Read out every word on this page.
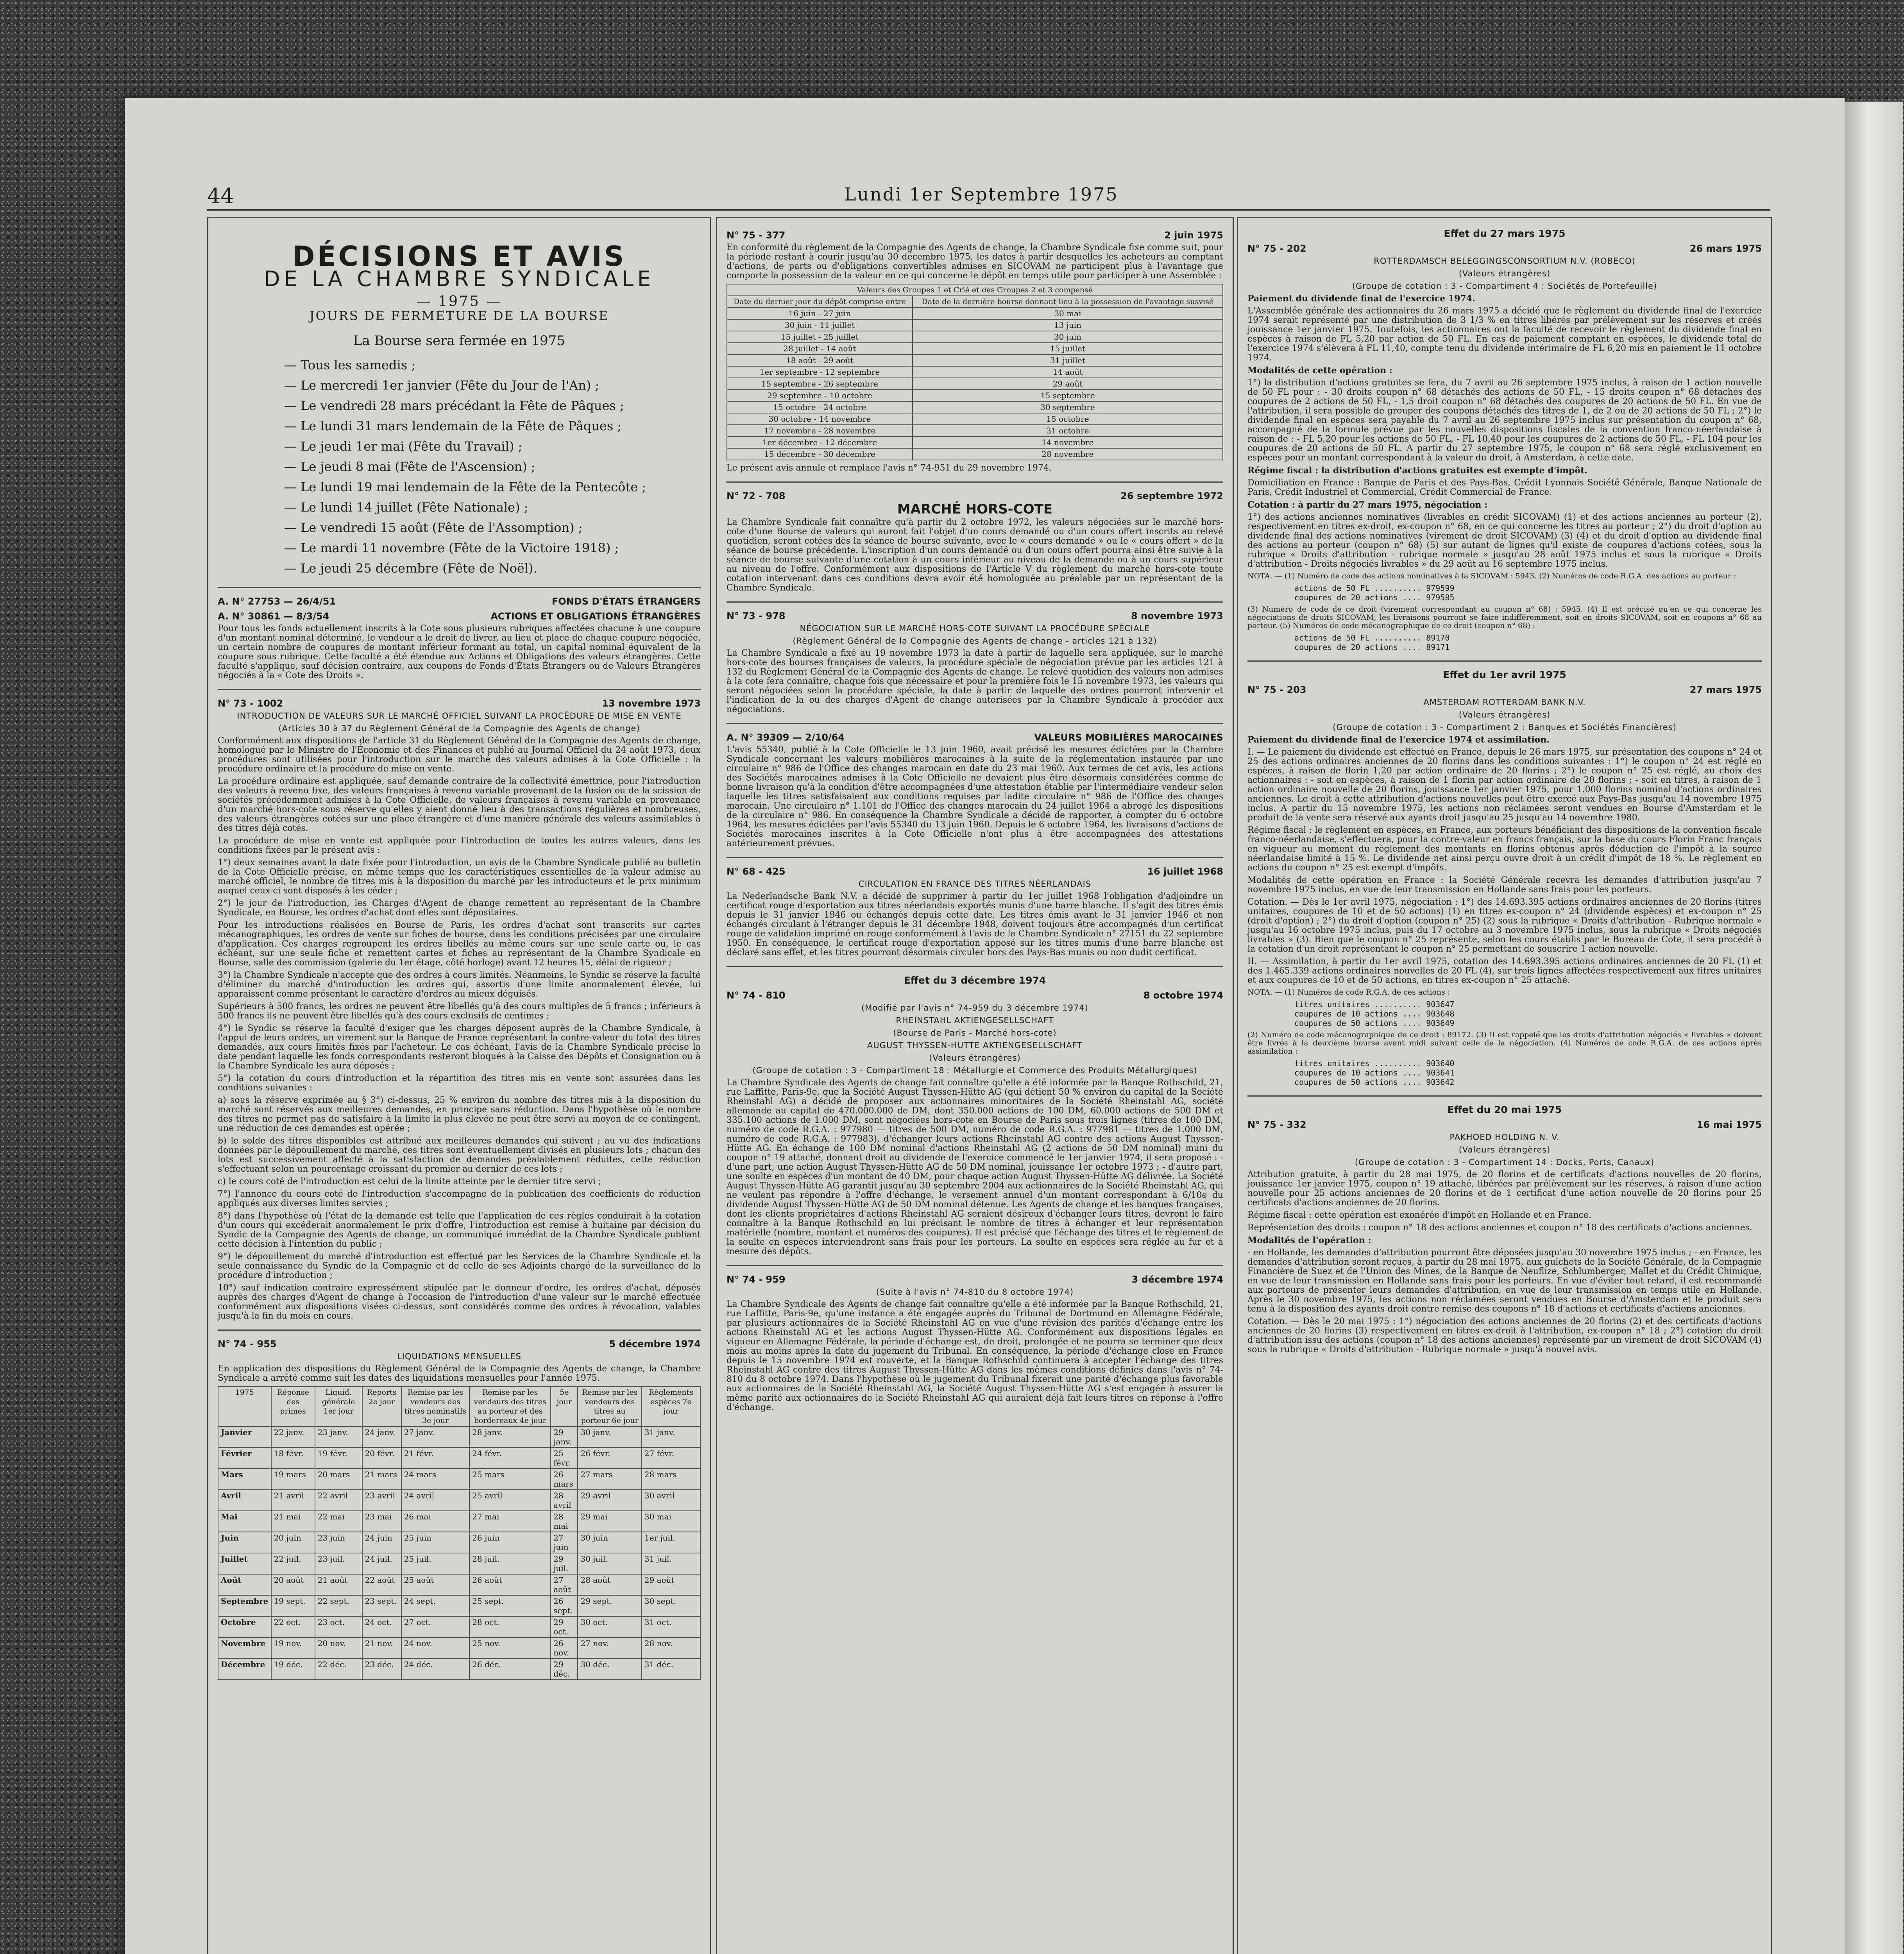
44	Lundi 1er Septembre 1975
DÉCISIONS ET AVIS
DE LA CHAMBRE SYNDICALE
— 1975 —
JOURS DE FERMETURE DE LA BOURSE
La Bourse sera fermée en 1975
— Tous les samedis ;
— Le mercredi 1er janvier (Fête du Jour de l'An) ;
— Le vendredi 28 mars précédant la Fête de Pâques ;
— Le lundi 31 mars lendemain de la Fête de Pâques ;
— Le jeudi 1er mai (Fête du Travail) ;
— Le jeudi 8 mai (Fête de l'Ascension) ;
— Le lundi 19 mai lendemain de la Fête de la Pentecôte ;
— Le lundi 14 juillet (Fête Nationale) ;
— Le vendredi 15 août (Fête de l'Assomption) ;
— Le mardi 11 novembre (Fête de la Victoire 1918) ;
— Le jeudi 25 décembre (Fête de Noël).
A. N° 27753 — 26/4/51	FONDS D'ÉTATS ÉTRANGERS
A. N° 30861 — 8/3/54	ACTIONS ET OBLIGATIONS ÉTRANGÈRES
Pour tous les fonds actuellement inscrits à la Cote sous plusieurs rubriques affectées chacune à une coupure d'un montant nominal déterminé, le vendeur a le droit de livrer, au lieu et place de chaque coupure négociée, un certain nombre de coupures de montant inférieur formant au total, un capital nominal équivalent de la coupure sous rubrique. Cette faculté a été étendue aux Actions et Obligations des valeurs étrangères. Cette faculté s'applique, sauf décision contraire, aux coupons de Fonds d'États Étrangers ou de Valeurs Étrangères négociés à la « Cote des Droits ».
N° 73 - 1002	13 novembre 1973
INTRODUCTION DE VALEURS SUR LE MARCHÉ OFFICIEL SUIVANT LA PROCÉDURE DE MISE EN VENTE
(Articles 30 à 37 du Règlement Général de la Compagnie des Agents de change)
Conformément aux dispositions de l'article 31 du Règlement Général de la Compagnie des Agents de change, homologué par le Ministre de l'Économie et des Finances et publié au Journal Officiel du 24 août 1973, deux procédures sont utilisées pour l'introduction sur le marché des valeurs admises à la Cote Officielle : la procédure ordinaire et la procédure de mise en vente.
La procédure ordinaire est appliquée, sauf demande contraire de la collectivité émettrice, pour l'introduction des valeurs à revenu fixe, des valeurs françaises à revenu variable provenant de la fusion ou de la scission de sociétés précédemment admises à la Cote Officielle, de valeurs françaises à revenu variable en provenance d'un marché hors-cote sous réserve qu'elles y aient donné lieu à des transactions régulières et nombreuses, des valeurs étrangères cotées sur une place étrangère et d'une manière générale des valeurs assimilables à des titres déjà cotés.
La procédure de mise en vente est appliquée pour l'introduction de toutes les autres valeurs, dans les conditions fixées par le présent avis :
1°) deux semaines avant la date fixée pour l'introduction, un avis de la Chambre Syndicale publié au bulletin de la Cote Officielle précise, en même temps que les caractéristiques essentielles de la valeur admise au marché officiel, le nombre de titres mis à la disposition du marché par les introducteurs et le prix minimum auquel ceux-ci sont disposés à les céder ;
2°) le jour de l'introduction, les Charges d'Agent de change remettent au représentant de la Chambre Syndicale, en Bourse, les ordres d'achat dont elles sont dépositaires.
Pour les introductions réalisées en Bourse de Paris, les ordres d'achat sont transcrits sur cartes mécanographiques, les ordres de vente sur fiches de bourse, dans les conditions précisées par une circulaire d'application. Ces charges regroupent les ordres libellés au même cours sur une seule carte ou, le cas échéant, sur une seule fiche et remettent cartes et fiches au représentant de la Chambre Syndicale en Bourse, salle des commission (galerie du 1er étage, côté horloge) avant 12 heures 15, délai de rigueur ;
3°) la Chambre Syndicale n'accepte que des ordres à cours limités. Néanmoins, le Syndic se réserve la faculté d'éliminer du marché d'introduction les ordres qui, assortis d'une limite anormalement élevée, lui apparaissent comme présentant le caractère d'ordres au mieux déguisés.
Supérieurs à 500 francs, les ordres ne peuvent être libellés qu'à des cours multiples de 5 francs ; inférieurs à 500 francs ils ne peuvent être libellés qu'à des cours exclusifs de centimes ;
4°) le Syndic se réserve la faculté d'exiger que les charges déposent auprès de la Chambre Syndicale, à l'appui de leurs ordres, un virement sur la Banque de France représentant la contre-valeur du total des titres demandés, aux cours limités fixés par l'acheteur. Le cas échéant, l'avis de la Chambre Syndicale précise la date pendant laquelle les fonds correspondants resteront bloqués à la Caisse des Dépôts et Consignation ou à la Chambre Syndicale les aura déposés ;
5°) la cotation du cours d'introduction et la répartition des titres mis en vente sont assurées dans les conditions suivantes :
a) sous la réserve exprimée au § 3°) ci-dessus, 25 % environ du nombre des titres mis à la disposition du marché sont réservés aux meilleures demandes, en principe sans réduction. Dans l'hypothèse où le nombre des titres ne permet pas de satisfaire à la limite la plus élevée ne peut être servi au moyen de ce contingent, une réduction de ces demandes est opérée ;
b) le solde des titres disponibles est attribué aux meilleures demandes qui suivent ; au vu des indications données par le dépouillement du marché, ces titres sont éventuellement divisés en plusieurs lots ; chacun des lots est successivement affecté à la satisfaction de demandes préalablement réduites, cette réduction s'effectuant selon un pourcentage croissant du premier au dernier de ces lots ;
c) le cours coté de l'introduction est celui de la limite atteinte par le dernier titre servi ;
7°) l'annonce du cours coté de l'introduction s'accompagne de la publication des coefficients de réduction appliqués aux diverses limites servies ;
8°) dans l'hypothèse où l'état de la demande est telle que l'application de ces règles conduirait à la cotation d'un cours qui excéderait anormalement le prix d'offre, l'introduction est remise à huitaine par décision du Syndic de la Compagnie des Agents de change, un communiqué immédiat de la Chambre Syndicale publiant cette décision à l'intention du public ;
9°) le dépouillement du marché d'introduction est effectué par les Services de la Chambre Syndicale et la seule connaissance du Syndic de la Compagnie et de celle de ses Adjoints chargé de la surveillance de la procédure d'introduction ;
10°) sauf indication contraire expressément stipulée par le donneur d'ordre, les ordres d'achat, déposés auprès des charges d'Agent de change à l'occasion de l'introduction d'une valeur sur le marché effectuée conformément aux dispositions visées ci-dessus, sont considérés comme des ordres à révocation, valables jusqu'à la fin du mois en cours.
N° 74 - 955	5 décembre 1974
LIQUIDATIONS MENSUELLES
En application des dispositions du Règlement Général de la Compagnie des Agents de change, la Chambre Syndicale a arrêté comme suit les dates des liquidations mensuelles pour l'année 1975.
1975	Réponse des primes	Liquid. générale 1er jour	Reports 2e jour	Remise par les vendeurs des titres nominatifs 3e jour	Remise par les vendeurs des titres au porteur et des bordereaux 4e jour	5e jour	Remise par les vendeurs des titres au porteur 6e jour	Règlements espèces 7e jour
Janvier	22 janv.	23 janv.	24 janv.	27 janv.	28 janv.	29 janv.	30 janv.	31 janv.
Février	18 févr.	19 févr.	20 févr.	21 févr.	24 févr.	25 févr.	26 févr.	27 févr.
Mars	19 mars	20 mars	21 mars	24 mars	25 mars	26 mars	27 mars	28 mars
Avril	21 avril	22 avril	23 avril	24 avril	25 avril	28 avril	29 avril	30 avril
Mai	21 mai	22 mai	23 mai	26 mai	27 mai	28 mai	29 mai	30 mai
Juin	20 juin	23 juin	24 juin	25 juin	26 juin	27 juin	30 juin	1er juil.
Juillet	22 juil.	23 juil.	24 juil.	25 juil.	28 juil.	29 juil.	30 juil.	31 juil.
Août	20 août	21 août	22 août	25 août	26 août	27 août	28 août	29 août
Septembre	19 sept.	22 sept.	23 sept.	24 sept.	25 sept.	26 sept.	29 sept.	30 sept.
Octobre	22 oct.	23 oct.	24 oct.	27 oct.	28 oct.	29 oct.	30 oct.	31 oct.
Novembre	19 nov.	20 nov.	21 nov.	24 nov.	25 nov.	26 nov.	27 nov.	28 nov.
Décembre	19 déc.	22 déc.	23 déc.	24 déc.	26 déc.	29 déc.	30 déc.	31 déc.
N° 75 - 377	2 juin 1975
En conformité du règlement de la Compagnie des Agents de change, la Chambre Syndicale fixe comme suit, pour la période restant à courir jusqu'au 30 décembre 1975, les dates à partir desquelles les acheteurs au comptant d'actions, de parts ou d'obligations convertibles admises en SICOVAM ne participent plus à l'avantage que comporte la possession de la valeur en ce qui concerne le dépôt en temps utile pour participer à une Assemblée :
Valeurs des Groupes 1 et Crié et des Groupes 2 et 3 compensé	
Date du dernier jour du dépôt comprise entre	Date de la dernière bourse donnant lieu à la possession de l'avantage susvisé
16 juin - 27 juin	30 mai
30 juin - 11 juillet	13 juin
15 juillet - 25 juillet	30 juin
28 juillet - 14 août	15 juillet
18 août - 29 août	31 juillet
1er septembre - 12 septembre	14 août
15 septembre - 26 septembre	29 août
29 septembre - 10 octobre	15 septembre
15 octobre - 24 octobre	30 septembre
30 octobre - 14 novembre	15 octobre
17 novembre - 28 novembre	31 octobre
1er décembre - 12 décembre	14 novembre
15 décembre - 30 décembre	28 novembre
Le présent avis annule et remplace l'avis n° 74-951 du 29 novembre 1974.
N° 72 - 708	26 septembre 1972
MARCHÉ HORS-COTE
La Chambre Syndicale fait connaître qu'à partir du 2 octobre 1972, les valeurs négociées sur le marché hors-cote d'une Bourse de valeurs qui auront fait l'objet d'un cours demandé ou d'un cours offert inscrits au relevé quotidien, seront cotées dès la séance de bourse suivante, avec le « cours demandé » ou le « cours offert » de la séance de bourse précédente. L'inscription d'un cours demandé ou d'un cours offert pourra ainsi être suivie à la séance de bourse suivante d'une cotation à un cours inférieur au niveau de la demande ou à un cours supérieur au niveau de l'offre. Conformément aux dispositions de l'Article V du règlement du marché hors-cote toute cotation intervenant dans ces conditions devra avoir été homologuée au préalable par un représentant de la Chambre Syndicale.
N° 73 - 978	8 novembre 1973
NÉGOCIATION SUR LE MARCHÉ HORS-COTE SUIVANT LA PROCÉDURE SPÉCIALE
(Règlement Général de la Compagnie des Agents de change - articles 121 à 132)
La Chambre Syndicale a fixé au 19 novembre 1973 la date à partir de laquelle sera appliquée, sur le marché hors-cote des bourses françaises de valeurs, la procédure spéciale de négociation prévue par les articles 121 à 132 du Règlement Général de la Compagnie des Agents de change. Le relevé quotidien des valeurs non admises à la cote fera connaître, chaque fois que nécessaire et pour la première fois le 15 novembre 1973, les valeurs qui seront négociées selon la procédure spéciale, la date à partir de laquelle des ordres pourront intervenir et l'indication de la ou des charges d'Agent de change autorisées par la Chambre Syndicale à procéder aux négociations.
A. N° 39309 — 2/10/64	VALEURS MOBILIÈRES MAROCAINES
L'avis 55340, publié à la Cote Officielle le 13 juin 1960, avait précisé les mesures édictées par la Chambre Syndicale concernant les valeurs mobilières marocaines à la suite de la réglementation instaurée par une circulaire n° 986 de l'Office des changes marocain en date du 23 mai 1960. Aux termes de cet avis, les actions des Sociétés marocaines admises à la Cote Officielle ne devaient plus être désormais considérées comme de bonne livraison qu'à la condition d'être accompagnées d'une attestation établie par l'intermédiaire vendeur selon laquelle les titres satisfaisaient aux conditions requises par ladite circulaire n° 986 de l'Office des changes marocain. Une circulaire n° 1.101 de l'Office des changes marocain du 24 juillet 1964 a abrogé les dispositions de la circulaire n° 986. En conséquence la Chambre Syndicale a décidé de rapporter, à compter du 6 octobre 1964, les mesures édictées par l'avis 55340 du 13 juin 1960. Depuis le 6 octobre 1964, les livraisons d'actions de Sociétés marocaines inscrites à la Cote Officielle n'ont plus à être accompagnées des attestations antérieurement prévues.
N° 68 - 425	16 juillet 1968
CIRCULATION EN FRANCE DES TITRES NÉERLANDAIS
La Nederlandsche Bank N.V. a décidé de supprimer à partir du 1er juillet 1968 l'obligation d'adjoindre un certificat rouge d'exportation aux titres néerlandais exportés munis d'une barre blanche. Il s'agit des titres émis depuis le 31 janvier 1946 ou échangés depuis cette date. Les titres émis avant le 31 janvier 1946 et non échangés circulant à l'étranger depuis le 31 décembre 1948, doivent toujours être accompagnés d'un certificat rouge de validation imprimé en rouge conformément à l'avis de la Chambre Syndicale n° 27151 du 22 septembre 1950. En conséquence, le certificat rouge d'exportation apposé sur les titres munis d'une barre blanche est déclaré sans effet, et les titres pourront désormais circuler hors des Pays-Bas munis ou non dudit certificat.
Effet du 3 décembre 1974
N° 74 - 810	8 octobre 1974
(Modifié par l'avis n° 74-959 du 3 décembre 1974)
RHEINSTAHL AKTIENGESELLSCHAFT
(Bourse de Paris - Marché hors-cote)
AUGUST THYSSEN-HUTTE AKTIENGESELLSCHAFT
(Valeurs étrangères)
(Groupe de cotation : 3 - Compartiment 18 : Métallurgie et Commerce des Produits Métallurgiques)
La Chambre Syndicale des Agents de change fait connaître qu'elle a été informée par la Banque Rothschild, 21, rue Laffitte, Paris-9e, que la Société August Thyssen-Hütte AG (qui détient 50 % environ du capital de la Société Rheinstahl AG) a décidé de proposer aux actionnaires minoritaires de la Société Rheinstahl AG, société allemande au capital de 470.000.000 de DM, dont 350.000 actions de 100 DM, 60.000 actions de 500 DM et 335.100 actions de 1.000 DM, sont négociées hors-cote en Bourse de Paris sous trois lignes (titres de 100 DM, numéro de code R.G.A. : 977980 — titres de 500 DM, numéro de code R.G.A. : 977981 — titres de 1.000 DM, numéro de code R.G.A. : 977983), d'échanger leurs actions Rheinstahl AG contre des actions August Thyssen-Hütte AG. En échange de 100 DM nominal d'actions Rheinstahl AG (2 actions de 50 DM nominal) muni du coupon n° 19 attaché, donnant droit au dividende de l'exercice commencé le 1er janvier 1974, il sera proposé : - d'une part, une action August Thyssen-Hütte AG de 50 DM nominal, jouissance 1er octobre 1973 ; - d'autre part, une soulte en espèces d'un montant de 40 DM, pour chaque action August Thyssen-Hütte AG délivrée. La Société August Thyssen-Hütte AG garantit jusqu'au 30 septembre 2004 aux actionnaires de la Société Rheinstahl AG, qui ne veulent pas répondre à l'offre d'échange, le versement annuel d'un montant correspondant à 6/10e du dividende August Thyssen-Hütte AG de 50 DM nominal détenue. Les Agents de change et les banques françaises, dont les clients propriétaires d'actions Rheinstahl AG seraient désireux d'échanger leurs titres, devront le faire connaître à la Banque Rothschild en lui précisant le nombre de titres à échanger et leur représentation matérielle (nombre, montant et numéros des coupures). Il est précisé que l'échange des titres et le règlement de la soulte en espèces interviendront sans frais pour les porteurs. La soulte en espèces sera réglée au fur et à mesure des dépôts.
N° 74 - 959	3 décembre 1974
(Suite à l'avis n° 74-810 du 8 octobre 1974)
La Chambre Syndicale des Agents de change fait connaître qu'elle a été informée par la Banque Rothschild, 21, rue Laffitte, Paris-9e, qu'une instance a été engagée auprès du Tribunal de Dortmund en Allemagne Fédérale, par plusieurs actionnaires de la Société Rheinstahl AG en vue d'une révision des parités d'échange entre les actions Rheinstahl AG et les actions August Thyssen-Hütte AG. Conformément aux dispositions légales en vigueur en Allemagne Fédérale, la période d'échange est, de droit, prolongée et ne pourra se terminer que deux mois au moins après la date du jugement du Tribunal. En conséquence, la période d'échange close en France depuis le 15 novembre 1974 est rouverte, et la Banque Rothschild continuera à accepter l'échange des titres Rheinstahl AG contre des titres August Thyssen-Hütte AG dans les mêmes conditions définies dans l'avis n° 74-810 du 8 octobre 1974. Dans l'hypothèse où le jugement du Tribunal fixerait une parité d'échange plus favorable aux actionnaires de la Société Rheinstahl AG, la Société August Thyssen-Hütte AG s'est engagée à assurer la même parité aux actionnaires de la Société Rheinstahl AG qui auraient déjà fait leurs titres en réponse à l'offre d'échange.
Effet du 27 mars 1975
N° 75 - 202	26 mars 1975
ROTTERDAMSCH BELEGGINGSCONSORTIUM N.V. (ROBECO)
(Valeurs étrangères)
(Groupe de cotation : 3 - Compartiment 4 : Sociétés de Portefeuille)
Paiement du dividende final de l'exercice 1974.
L'Assemblée générale des actionnaires du 26 mars 1975 a décidé que le règlement du dividende final de l'exercice 1974 serait représenté par une distribution de 3 1/3 % en titres libérés par prélèvement sur les réserves et créés jouissance 1er janvier 1975. Toutefois, les actionnaires ont la faculté de recevoir le règlement du dividende final en espèces à raison de FL 5,20 par action de 50 FL. En cas de paiement comptant en espèces, le dividende total de l'exercice 1974 s'élèvera à FL 11,40, compte tenu du dividende intérimaire de FL 6,20 mis en paiement le 11 octobre 1974.
Modalités de cette opération :
1°) la distribution d'actions gratuites se fera, du 7 avril au 26 septembre 1975 inclus, à raison de 1 action nouvelle de 50 FL pour : - 30 droits coupon n° 68 détachés des actions de 50 FL, - 15 droits coupon n° 68 détachés des coupures de 2 actions de 50 FL, - 1,5 droit coupon n° 68 détachés des coupures de 20 actions de 50 FL. En vue de l'attribution, il sera possible de grouper des coupons détachés des titres de 1, de 2 ou de 20 actions de 50 FL ; 2°) le dividende final en espèces sera payable du 7 avril au 26 septembre 1975 inclus sur présentation du coupon n° 68, accompagné de la formule prévue par les nouvelles dispositions fiscales de la convention franco-néerlandaise à raison de : - FL 5,20 pour les actions de 50 FL, - FL 10,40 pour les coupures de 2 actions de 50 FL, - FL 104 pour les coupures de 20 actions de 50 FL. A partir du 27 septembre 1975, le coupon n° 68 sera réglé exclusivement en espèces pour un montant correspondant à la valeur du droit, à Amsterdam, à cette date.
Régime fiscal : la distribution d'actions gratuites est exempte d'impôt.
Domiciliation en France : Banque de Paris et des Pays-Bas, Crédit Lyonnais Société Générale, Banque Nationale de Paris, Crédit Industriel et Commercial, Crédit Commercial de France.
Cotation : à partir du 27 mars 1975, négociation :
1°) des actions anciennes nominatives (livrables en crédit SICOVAM) (1) et des actions anciennes au porteur (2), respectivement en titres ex-droit, ex-coupon n° 68, en ce qui concerne les titres au porteur ; 2°) du droit d'option au dividende final des actions nominatives (virement de droit SICOVAM) (3) (4) et du droit d'option au dividende final des actions au porteur (coupon n° 68) (5) sur autant de lignes qu'il existe de coupures d'actions cotées, sous la rubrique « Droits d'attribution - rubrique normale » jusqu'au 28 août 1975 inclus et sous la rubrique « Droits d'attribution - Droits négociés livrables » du 29 août au 16 septembre 1975 inclus.
NOTA. — (1) Numéro de code des actions nominatives à la SICOVAM : 5943. (2) Numéros de code R.G.A. des actions au porteur :
actions de 50 FL .......... 979599
coupures de 20 actions .... 979585
(3) Numéro de code de ce droit (virement correspondant au coupon n° 68) : 5945. (4) Il est précisé qu'en ce qui concerne les négociations de droits SICOVAM, les livraisons pourront se faire indifféremment, soit en droits SICOVAM, soit en coupons n° 68 au porteur. (5) Numéros de code mécanographique de ce droit (coupon n° 68) :
actions de 50 FL .......... 89170
coupures de 20 actions .... 89171
Effet du 1er avril 1975
N° 75 - 203	27 mars 1975
AMSTERDAM ROTTERDAM BANK N.V.
(Valeurs étrangères)
(Groupe de cotation : 3 - Compartiment 2 : Banques et Sociétés Financières)
Paiement du dividende final de l'exercice 1974 et assimilation.
I. — Le paiement du dividende est effectué en France, depuis le 26 mars 1975, sur présentation des coupons n° 24 et 25 des actions ordinaires anciennes de 20 florins dans les conditions suivantes : 1°) le coupon n° 24 est réglé en espèces, à raison de florin 1,20 par action ordinaire de 20 florins ; 2°) le coupon n° 25 est réglé, au choix des actionnaires : - soit en espèces, à raison de 1 florin par action ordinaire de 20 florins ; - soit en titres, à raison de 1 action ordinaire nouvelle de 20 florins, jouissance 1er janvier 1975, pour 1.000 florins nominal d'actions ordinaires anciennes. Le droit à cette attribution d'actions nouvelles peut être exercé aux Pays-Bas jusqu'au 14 novembre 1975 inclus. A partir du 15 novembre 1975, les actions non réclamées seront vendues en Bourse d'Amsterdam et le produit de la vente sera réservé aux ayants droit jusqu'au 25 jusqu'au 14 novembre 1980.
Régime fiscal : le règlement en espèces, en France, aux porteurs bénéficiant des dispositions de la convention fiscale franco-néerlandaise, s'effectuera, pour la contre-valeur en francs français, sur la base du cours Florin Franc français en vigueur au moment du règlement des montants en florins obtenus après déduction de l'impôt à la source néerlandaise limité à 15 %. Le dividende net ainsi perçu ouvre droit à un crédit d'impôt de 18 %. Le règlement en actions du coupon n° 25 est exempt d'impôts.
Modalités de cette opération en France : la Société Générale recevra les demandes d'attribution jusqu'au 7 novembre 1975 inclus, en vue de leur transmission en Hollande sans frais pour les porteurs.
Cotation. — Dès le 1er avril 1975, négociation : 1°) des 14.693.395 actions ordinaires anciennes de 20 florins (titres unitaires, coupures de 10 et de 50 actions) (1) en titres ex-coupon n° 24 (dividende espèces) et ex-coupon n° 25 (droit d'option) ; 2°) du droit d'option (coupon n° 25) (2) sous la rubrique « Droits d'attribution - Rubrique normale » jusqu'au 16 octobre 1975 inclus, puis du 17 octobre au 3 novembre 1975 inclus, sous la rubrique « Droits négociés livrables » (3). Bien que le coupon n° 25 représente, selon les cours établis par le Bureau de Cote, il sera procédé à la cotation d'un droit représentant le coupon n° 25 permettant de souscrire 1 action nouvelle.
II. — Assimilation, à partir du 1er avril 1975, cotation des 14.693.395 actions ordinaires anciennes de 20 FL (1) et des 1.465.339 actions ordinaires nouvelles de 20 FL (4), sur trois lignes affectées respectivement aux titres unitaires et aux coupures de 10 et de 50 actions, en titres ex-coupon n° 25 attaché.
NOTA. — (1) Numéros de code R.G.A. de ces actions :
titres unitaires .......... 903647
coupures de 10 actions .... 903648
coupures de 50 actions .... 903649
(2) Numéro de code mécanographique de ce droit : 89172. (3) Il est rappelé que les droits d'attribution négociés « livrables » doivent être livrés à la deuxième bourse avant midi suivant celle de la négociation. (4) Numéros de code R.G.A. de ces actions après assimilation :
titres unitaires .......... 903640
coupures de 10 actions .... 903641
coupures de 50 actions .... 903642
Effet du 20 mai 1975
N° 75 - 332	16 mai 1975
PAKHOED HOLDING N. V.
(Valeurs étrangères)
(Groupe de cotation : 3 - Compartiment 14 : Docks, Ports, Canaux)
Attribution gratuite, à partir du 28 mai 1975, de 20 florins et de certificats d'actions nouvelles de 20 florins, jouissance 1er janvier 1975, coupon n° 19 attaché, libérées par prélèvement sur les réserves, à raison d'une action nouvelle pour 25 actions anciennes de 20 florins et de 1 certificat d'une action nouvelle de 20 florins pour 25 certificats d'actions anciennes de 20 florins.
Régime fiscal : cette opération est exonérée d'impôt en Hollande et en France.
Représentation des droits : coupon n° 18 des actions anciennes et coupon n° 18 des certificats d'actions anciennes.
Modalités de l'opération :
- en Hollande, les demandes d'attribution pourront être déposées jusqu'au 30 novembre 1975 inclus ; - en France, les demandes d'attribution seront reçues, à partir du 28 mai 1975, aux guichets de la Société Générale, de la Compagnie Financière de Suez et de l'Union des Mines, de la Banque de Neuflize, Schlumberger, Mallet et du Crédit Chimique, en vue de leur transmission en Hollande sans frais pour les porteurs. En vue d'éviter tout retard, il est recommandé aux porteurs de présenter leurs demandes d'attribution, en vue de leur transmission en temps utile en Hollande. Après le 30 novembre 1975, les actions non réclamées seront vendues en Bourse d'Amsterdam et le produit sera tenu à la disposition des ayants droit contre remise des coupons n° 18 d'actions et certificats d'actions anciennes.
Cotation. — Dès le 20 mai 1975 : 1°) négociation des actions anciennes de 20 florins (2) et des certificats d'actions anciennes de 20 florins (3) respectivement en titres ex-droit à l'attribution, ex-coupon n° 18 ; 2°) cotation du droit d'attribution issu des actions (coupon n° 18 des actions anciennes) représenté par un virement de droit SICOVAM (4) sous la rubrique « Droits d'attribution - Rubrique normale » jusqu'à nouvel avis.
